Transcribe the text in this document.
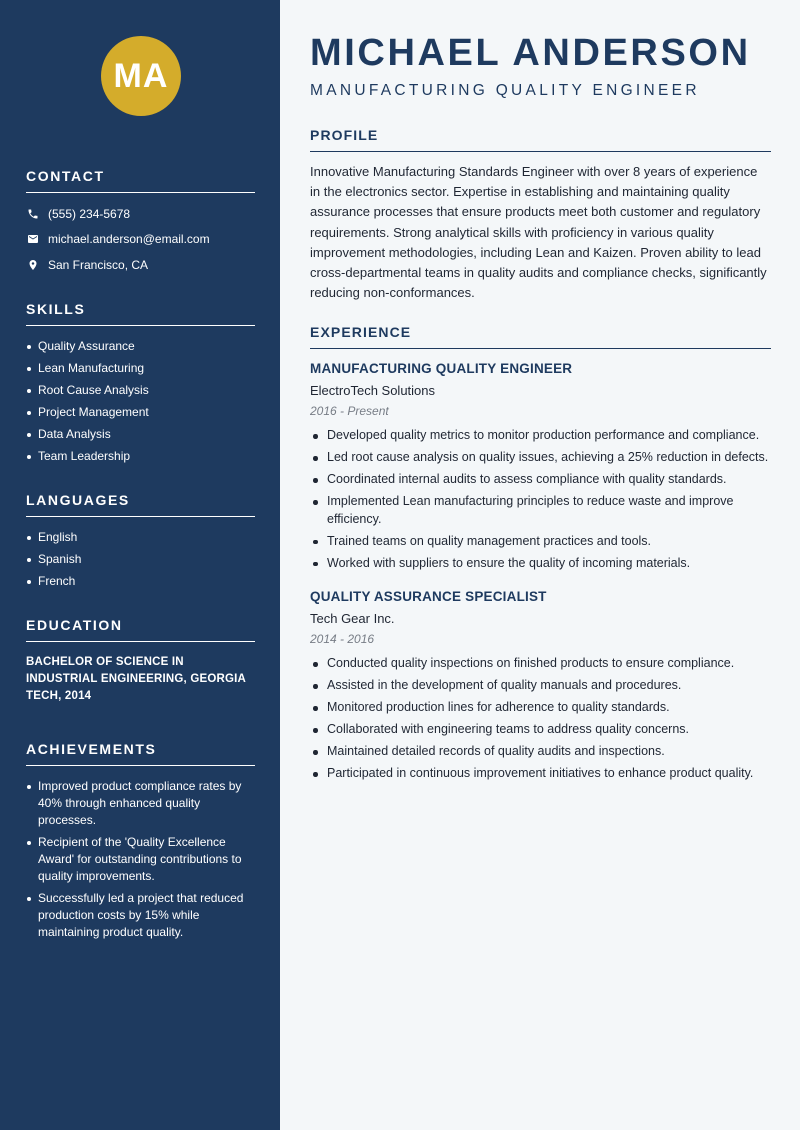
MA
CONTACT
(555) 234-5678
michael.anderson@email.com
San Francisco, CA
SKILLS
Quality Assurance
Lean Manufacturing
Root Cause Analysis
Project Management
Data Analysis
Team Leadership
LANGUAGES
English
Spanish
French
EDUCATION
BACHELOR OF SCIENCE IN INDUSTRIAL ENGINEERING, GEORGIA TECH, 2014
ACHIEVEMENTS
Improved product compliance rates by 40% through enhanced quality processes.
Recipient of the 'Quality Excellence Award' for outstanding contributions to quality improvements.
Successfully led a project that reduced production costs by 15% while maintaining product quality.
MICHAEL ANDERSON
MANUFACTURING QUALITY ENGINEER
PROFILE

Innovative Manufacturing Standards Engineer with over 8 years of experience in the electronics sector. Expertise in establishing and maintaining quality assurance processes that ensure products meet both customer and regulatory requirements. Strong analytical skills with proficiency in various quality improvement methodologies, including Lean and Kaizen. Proven ability to lead cross-departmental teams in quality audits and compliance checks, significantly reducing non-conformances.

EXPERIENCE
MANUFACTURING QUALITY ENGINEER
ElectroTech Solutions
2016 - Present
Developed quality metrics to monitor production performance and compliance.
Led root cause analysis on quality issues, achieving a 25% reduction in defects.
Coordinated internal audits to assess compliance with quality standards.
Implemented Lean manufacturing principles to reduce waste and improve efficiency.
Trained teams on quality management practices and tools.
Worked with suppliers to ensure the quality of incoming materials.
QUALITY ASSURANCE SPECIALIST
Tech Gear Inc.
2014 - 2016
Conducted quality inspections on finished products to ensure compliance.
Assisted in the development of quality manuals and procedures.
Monitored production lines for adherence to quality standards.
Collaborated with engineering teams to address quality concerns.
Maintained detailed records of quality audits and inspections.
Participated in continuous improvement initiatives to enhance product quality.
